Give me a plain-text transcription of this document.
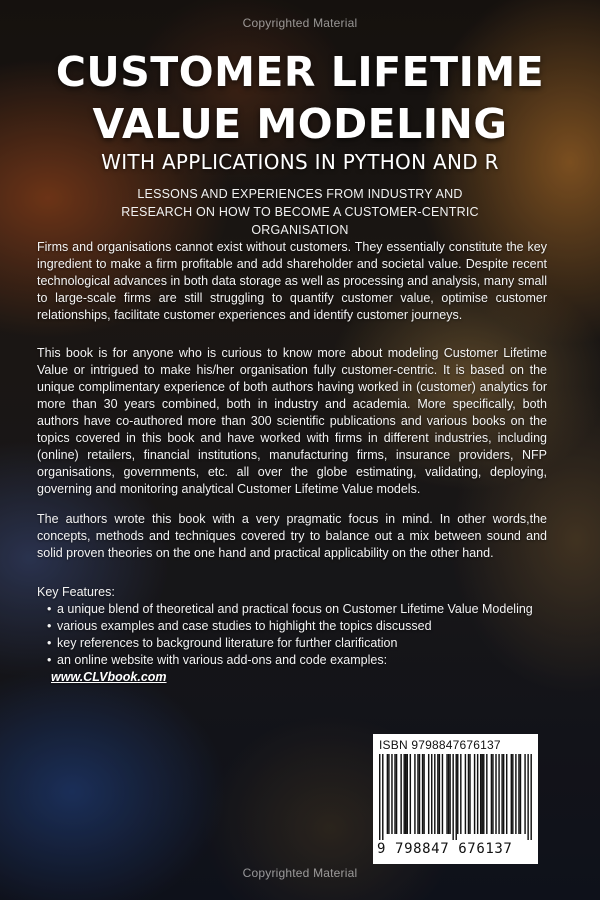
Copyrighted Material
CUSTOMER LIFETIME
VALUE MODELING
WITH APPLICATIONS IN PYTHON AND R
LESSONS AND EXPERIENCES FROM INDUSTRY AND RESEARCH ON HOW TO BECOME A CUSTOMER-CENTRIC ORGANISATION
Firms and organisations cannot exist without customers. They essentially constitute the key ingredient to make a firm profitable and add shareholder and societal value. Despite recent technological advances in both data storage as well as processing and analysis, many small to large-scale firms are still struggling to quantify customer value, optimise customer relationships, facilitate customer experiences and identify customer journeys.
This book is for anyone who is curious to know more about modeling Customer Lifetime Value or intrigued to make his/her organisation fully customer-centric. It is based on the unique complimentary experience of both authors having worked in (customer) analytics for more than 30 years combined, both in industry and academia. More specifically, both authors have co-authored more than 300 scientific publications and various books on the topics covered in this book and have worked with firms in different industries, including (online) retailers, financial institutions, manufacturing firms, insurance providers, NFP organisations, governments, etc. all over the globe estimating, validating, deploying, governing and monitoring analytical Customer Lifetime Value models.
The authors wrote this book with a very pragmatic focus in mind. In other words,the concepts, methods and techniques covered try to balance out a mix between sound and solid proven theories on the one hand and practical applicability on the other hand.
Key Features:
• a unique blend of theoretical and practical focus on Customer Lifetime Value Modeling
• various examples and case studies to highlight the topics discussed
• key references to background literature for further clarification
• an online website with various add-ons and code examples:
www.CLVbook.com
ISBN 9798847676137
9 798847 676137
Copyrighted Material
